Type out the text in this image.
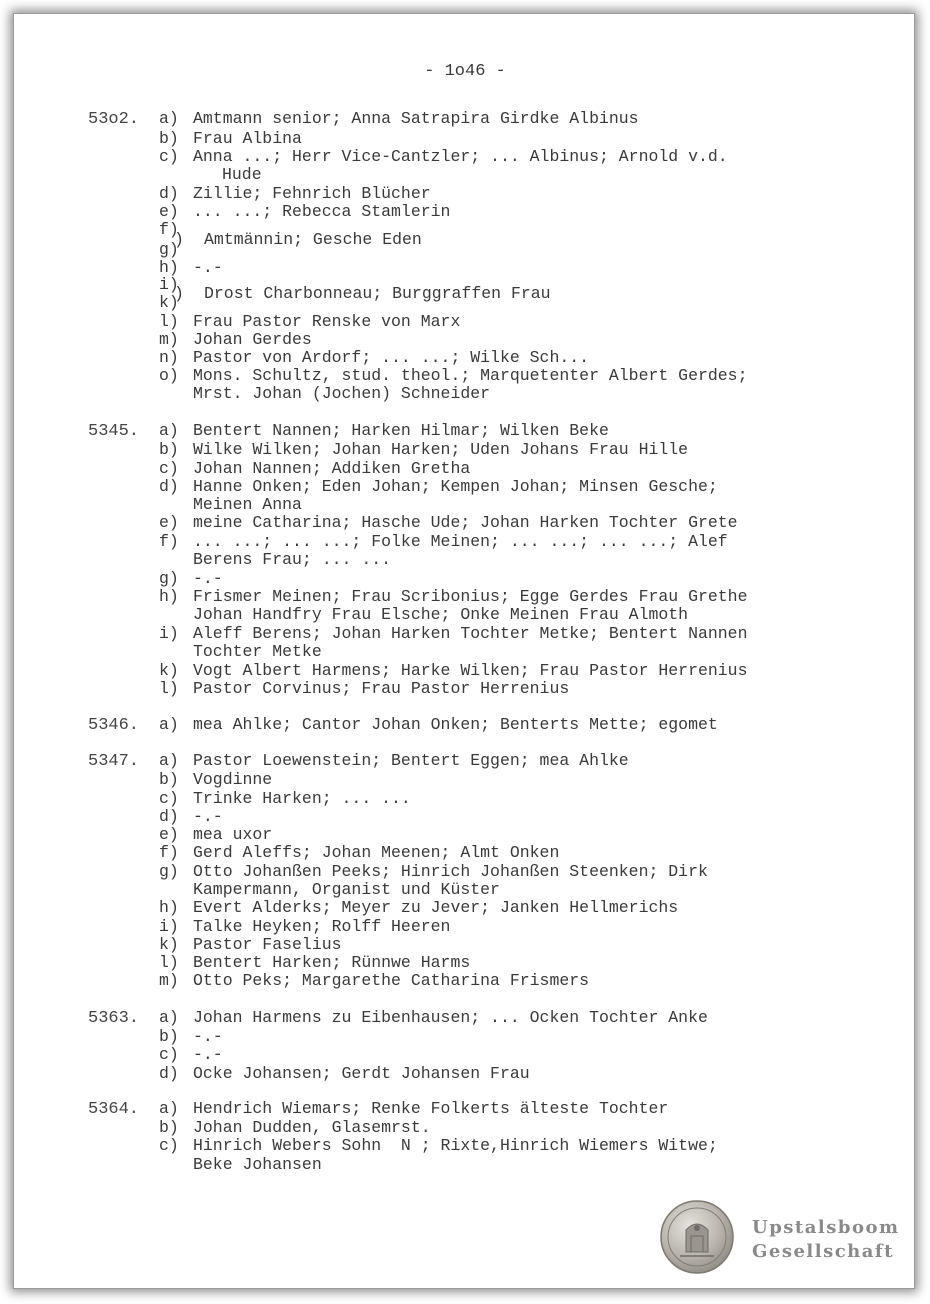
- 1o46 -
53o2. a) Amtmann senior; Anna Satrapira Girdke Albinus
b) Frau Albina
c) Anna ...; Herr Vice-Cantzler; ... Albinus; Arnold v.d.
Hude
d) Zillie; Fehnrich Blücher
e) ... ...; Rebecca Stamlerin
f)
) Amtmännin; Gesche Eden
g)
h) -.-
i)
) Drost Charbonneau; Burggraffen Frau
k)
l) Frau Pastor Renske von Marx
m) Johan Gerdes
n) Pastor von Ardorf; ... ...; Wilke Sch...
o) Mons. Schultz, stud. theol.; Marquetenter Albert Gerdes;
Mrst. Johan (Jochen) Schneider
5345. a) Bentert Nannen; Harken Hilmar; Wilken Beke
b) Wilke Wilken; Johan Harken; Uden Johans Frau Hille
c) Johan Nannen; Addiken Gretha
d) Hanne Onken; Eden Johan; Kempen Johan; Minsen Gesche;
Meinen Anna
e) meine Catharina; Hasche Ude; Johan Harken Tochter Grete
f) ... ...; ... ...; Folke Meinen; ... ...; ... ...; Alef
Berens Frau; ... ...
g) -.-
h) Frismer Meinen; Frau Scribonius; Egge Gerdes Frau Grethe
Johan Handfry Frau Elsche; Onke Meinen Frau Almoth
i) Aleff Berens; Johan Harken Tochter Metke; Bentert Nannen
Tochter Metke
k) Vogt Albert Harmens; Harke Wilken; Frau Pastor Herrenius
l) Pastor Corvinus; Frau Pastor Herrenius
5346. a) mea Ahlke; Cantor Johan Onken; Benterts Mette; egomet
5347. a) Pastor Loewenstein; Bentert Eggen; mea Ahlke
b) Vogdinne
c) Trinke Harken; ... ...
d) -.-
e) mea uxor
f) Gerd Aleffs; Johan Meenen; Almt Onken
g) Otto Johanßen Peeks; Hinrich Johanßen Steenken; Dirk
Kampermann, Organist und Küster
h) Evert Alderks; Meyer zu Jever; Janken Hellmerichs
i) Talke Heyken; Rolff Heeren
k) Pastor Faselius
l) Bentert Harken; Rünnwe Harms
m) Otto Peks; Margarethe Catharina Frismers
5363. a) Johan Harmens zu Eibenhausen; ... Ocken Tochter Anke
b) -.-
c) -.-
d) Ocke Johansen; Gerdt Johansen Frau
5364. a) Hendrich Wiemars; Renke Folkerts älteste Tochter
b) Johan Dudden, Glasemrst.
c) Hinrich Webers Sohn  N ; Rixte,Hinrich Wiemers Witwe;
Beke Johansen
Upstalsboom
Gesellschaft
